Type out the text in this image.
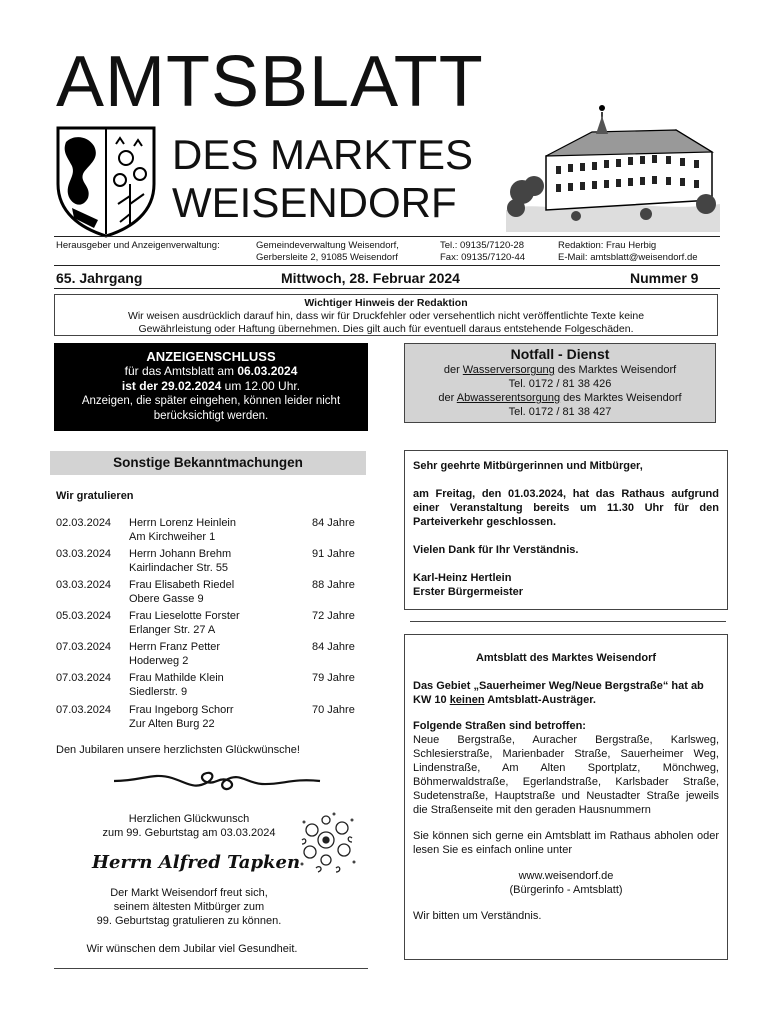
AMTSBLATT
DES MARKTES
WEISENDORF
Herausgeber und Anzeigenverwaltung:	Gemeindeverwaltung Weisendorf,
Gerbersleite 2, 91085 Weisendorf
Tel.: 09135/7120-28
Fax: 09135/7120-44
Redaktion: Frau Herbig
E-Mail: amtsblatt@weisendorf.de
65. Jahrgang	Mittwoch, 28. Februar 2024	Nummer 9
Wichtiger Hinweis der Redaktion
Wir weisen ausdrücklich darauf hin, dass wir für Druckfehler oder versehentlich nicht veröffentlichte Texte keine
Gewährleistung oder Haftung übernehmen. Dies gilt auch für eventuell daraus entstehende Folgeschäden.
ANZEIGENSCHLUSS
für das Amtsblatt am 06.03.2024
ist der 29.02.2024 um 12.00 Uhr.
Anzeigen, die später eingehen, können leider nicht
berücksichtigt werden.
Notfall - Dienst
der Wasserversorgung des Marktes Weisendorf
Tel. 0172 / 81 38 426
der Abwasserentsorgung des Marktes Weisendorf
Tel. 0172 / 81 38 427
Sonstige Bekanntmachungen
Wir gratulieren
02.03.2024 Herrn Lorenz Heinlein
Am Kirchweiher 1
84 Jahre
03.03.2024 Herrn Johann Brehm
Kairlindacher Str. 55
91 Jahre
03.03.2024 Frau Elisabeth Riedel
Obere Gasse 9
88 Jahre
05.03.2024 Frau Lieselotte Forster
Erlanger Str. 27 A
72 Jahre
07.03.2024 Herrn Franz Petter
Hoderweg 2
84 Jahre
07.03.2024 Frau Mathilde Klein
Siedlerstr. 9
79 Jahre
07.03.2024 Frau Ingeborg Schorr
Zur Alten Burg 22
70 Jahre
Den Jubilaren unsere herzlichsten Glückwünsche!
Herzlichen Glückwunsch
zum 99. Geburtstag am 03.03.2024
Herrn Alfred Tapken
Der Markt Weisendorf freut sich,
seinem ältesten Mitbürger zum
99. Geburtstag gratulieren zu können.
Wir wünschen dem Jubilar viel Gesundheit.

Sehr geehrte Mitbürgerinnen und Mitbürger,

am Freitag, den 01.03.2024, hat das Rathaus aufgrund einer Veranstaltung bereits um 11.30 Uhr für den Parteiverkehr geschlossen.

Vielen Dank für Ihr Verständnis.

Karl-Heinz Hertlein
Erster Bürgermeister
Amtsblatt des Marktes Weisendorf

Das Gebiet „Sauerheimer Weg/Neue Bergstraße“ hat ab KW 10 keinen Amtsblatt-Austräger.

Folgende Straßen sind betroffen:

Neue Bergstraße, Auracher Bergstraße, Karlsweg, Schlesierstraße, Marienbader Straße, Sauerheimer Weg, Lindenstraße, Am Alten Sportplatz, Mönchweg, Böhmerwaldstraße, Egerlandstraße, Karlsbader Straße, Sudetenstraße, Hauptstraße und Neustadter Straße jeweils die Straßenseite mit den geraden Hausnummern

Sie können sich gerne ein Amtsblatt im Rathaus abholen oder lesen Sie es einfach online unter

www.weisendorf.de

(Bürgerinfo - Amtsblatt)

Wir bitten um Verständnis.
